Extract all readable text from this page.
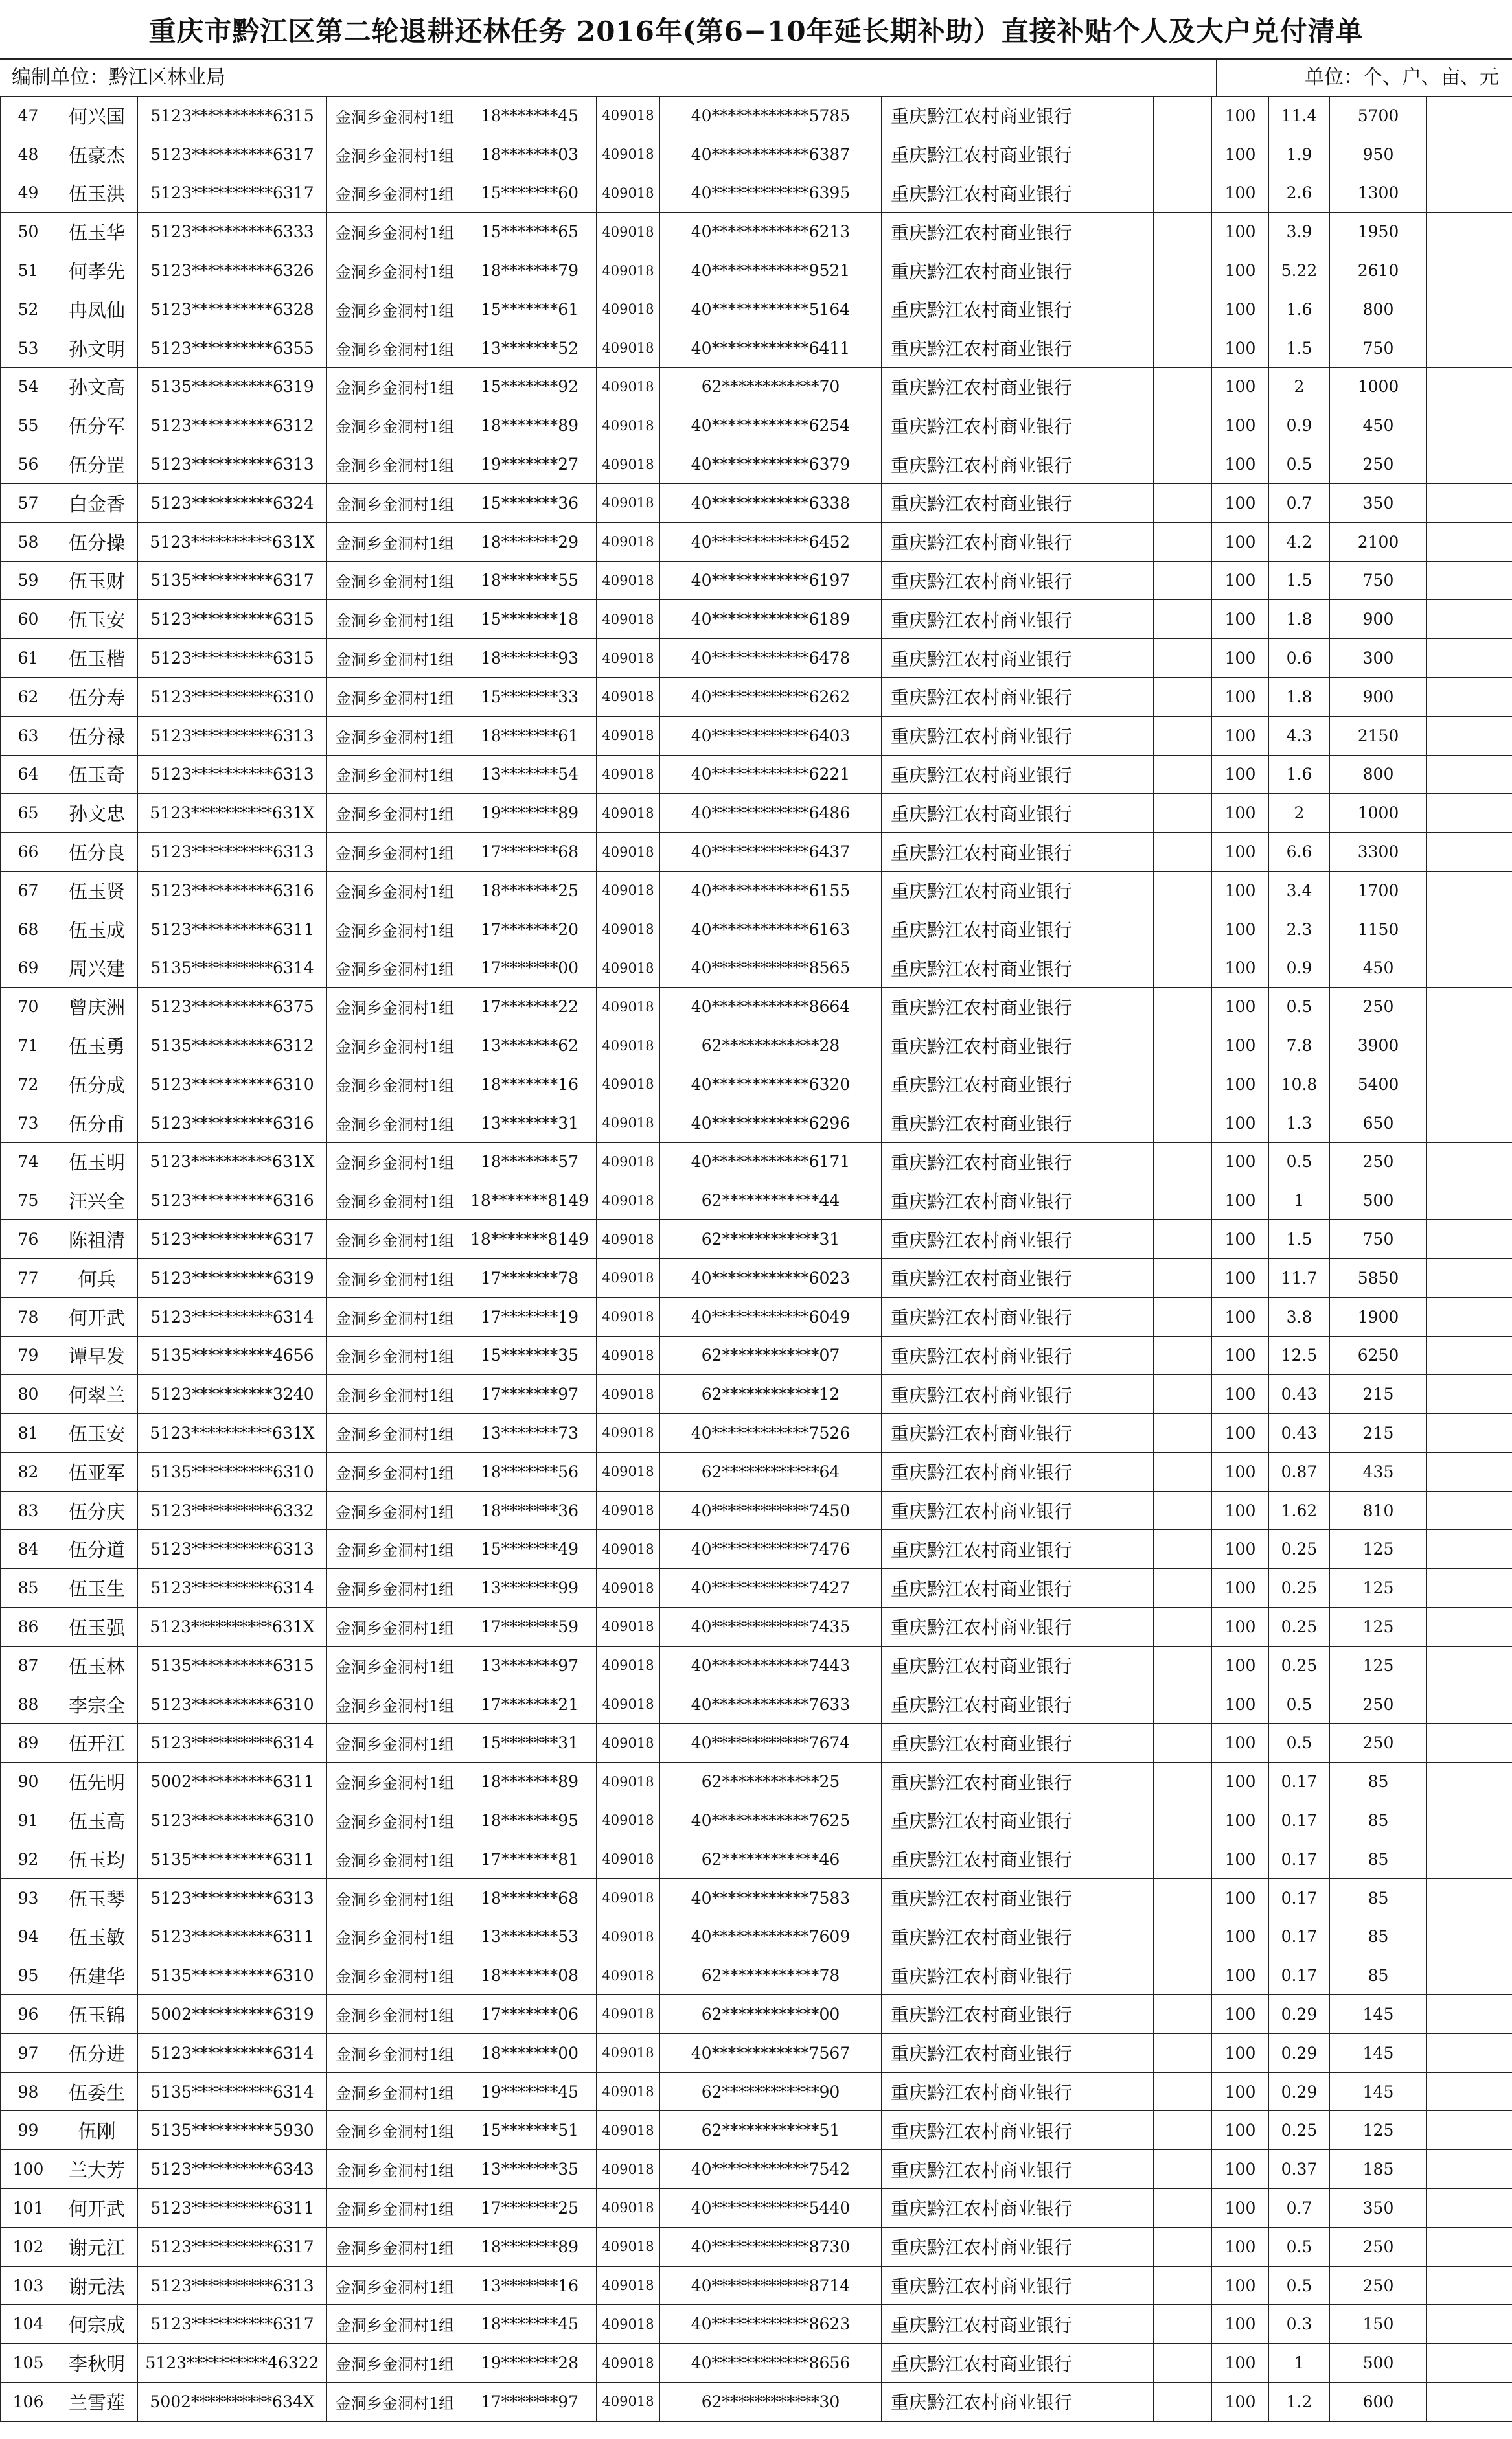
重庆市黔江区第二轮退耕还林任务 2016年(第6−10年延长期补助）直接补贴个人及大户兑付清单
编制单位：黔江区林业局	单位：个、户、亩、元
47	何兴国	5123**********6315	金洞乡金洞村1组	18*******45	409018	40************5785	重庆黔江农村商业银行		100	11.4	5700	
48	伍豪杰	5123**********6317	金洞乡金洞村1组	18*******03	409018	40************6387	重庆黔江农村商业银行		100	1.9	950	
49	伍玉洪	5123**********6317	金洞乡金洞村1组	15*******60	409018	40************6395	重庆黔江农村商业银行		100	2.6	1300	
50	伍玉华	5123**********6333	金洞乡金洞村1组	15*******65	409018	40************6213	重庆黔江农村商业银行		100	3.9	1950	
51	何孝先	5123**********6326	金洞乡金洞村1组	18*******79	409018	40************9521	重庆黔江农村商业银行		100	5.22	2610	
52	冉凤仙	5123**********6328	金洞乡金洞村1组	15*******61	409018	40************5164	重庆黔江农村商业银行		100	1.6	800	
53	孙文明	5123**********6355	金洞乡金洞村1组	13*******52	409018	40************6411	重庆黔江农村商业银行		100	1.5	750	
54	孙文高	5135**********6319	金洞乡金洞村1组	15*******92	409018	62************70	重庆黔江农村商业银行		100	2	1000	
55	伍分军	5123**********6312	金洞乡金洞村1组	18*******89	409018	40************6254	重庆黔江农村商业银行		100	0.9	450	
56	伍分罡	5123**********6313	金洞乡金洞村1组	19*******27	409018	40************6379	重庆黔江农村商业银行		100	0.5	250	
57	白金香	5123**********6324	金洞乡金洞村1组	15*******36	409018	40************6338	重庆黔江农村商业银行		100	0.7	350	
58	伍分操	5123**********631X	金洞乡金洞村1组	18*******29	409018	40************6452	重庆黔江农村商业银行		100	4.2	2100	
59	伍玉财	5135**********6317	金洞乡金洞村1组	18*******55	409018	40************6197	重庆黔江农村商业银行		100	1.5	750	
60	伍玉安	5123**********6315	金洞乡金洞村1组	15*******18	409018	40************6189	重庆黔江农村商业银行		100	1.8	900	
61	伍玉楷	5123**********6315	金洞乡金洞村1组	18*******93	409018	40************6478	重庆黔江农村商业银行		100	0.6	300	
62	伍分寿	5123**********6310	金洞乡金洞村1组	15*******33	409018	40************6262	重庆黔江农村商业银行		100	1.8	900	
63	伍分禄	5123**********6313	金洞乡金洞村1组	18*******61	409018	40************6403	重庆黔江农村商业银行		100	4.3	2150	
64	伍玉奇	5123**********6313	金洞乡金洞村1组	13*******54	409018	40************6221	重庆黔江农村商业银行		100	1.6	800	
65	孙文忠	5123**********631X	金洞乡金洞村1组	19*******89	409018	40************6486	重庆黔江农村商业银行		100	2	1000	
66	伍分良	5123**********6313	金洞乡金洞村1组	17*******68	409018	40************6437	重庆黔江农村商业银行		100	6.6	3300	
67	伍玉贤	5123**********6316	金洞乡金洞村1组	18*******25	409018	40************6155	重庆黔江农村商业银行		100	3.4	1700	
68	伍玉成	5123**********6311	金洞乡金洞村1组	17*******20	409018	40************6163	重庆黔江农村商业银行		100	2.3	1150	
69	周兴建	5135**********6314	金洞乡金洞村1组	17*******00	409018	40************8565	重庆黔江农村商业银行		100	0.9	450	
70	曾庆洲	5123**********6375	金洞乡金洞村1组	17*******22	409018	40************8664	重庆黔江农村商业银行		100	0.5	250	
71	伍玉勇	5135**********6312	金洞乡金洞村1组	13*******62	409018	62************28	重庆黔江农村商业银行		100	7.8	3900	
72	伍分成	5123**********6310	金洞乡金洞村1组	18*******16	409018	40************6320	重庆黔江农村商业银行		100	10.8	5400	
73	伍分甫	5123**********6316	金洞乡金洞村1组	13*******31	409018	40************6296	重庆黔江农村商业银行		100	1.3	650	
74	伍玉明	5123**********631X	金洞乡金洞村1组	18*******57	409018	40************6171	重庆黔江农村商业银行		100	0.5	250	
75	汪兴全	5123**********6316	金洞乡金洞村1组	18*******8149	409018	62************44	重庆黔江农村商业银行		100	1	500	
76	陈祖清	5123**********6317	金洞乡金洞村1组	18*******8149	409018	62************31	重庆黔江农村商业银行		100	1.5	750	
77	何兵	5123**********6319	金洞乡金洞村1组	17*******78	409018	40************6023	重庆黔江农村商业银行		100	11.7	5850	
78	何开武	5123**********6314	金洞乡金洞村1组	17*******19	409018	40************6049	重庆黔江农村商业银行		100	3.8	1900	
79	谭早发	5135**********4656	金洞乡金洞村1组	15*******35	409018	62************07	重庆黔江农村商业银行		100	12.5	6250	
80	何翠兰	5123**********3240	金洞乡金洞村1组	17*******97	409018	62************12	重庆黔江农村商业银行		100	0.43	215	
81	伍玉安	5123**********631X	金洞乡金洞村1组	13*******73	409018	40************7526	重庆黔江农村商业银行		100	0.43	215	
82	伍亚军	5135**********6310	金洞乡金洞村1组	18*******56	409018	62************64	重庆黔江农村商业银行		100	0.87	435	
83	伍分庆	5123**********6332	金洞乡金洞村1组	18*******36	409018	40************7450	重庆黔江农村商业银行		100	1.62	810	
84	伍分道	5123**********6313	金洞乡金洞村1组	15*******49	409018	40************7476	重庆黔江农村商业银行		100	0.25	125	
85	伍玉生	5123**********6314	金洞乡金洞村1组	13*******99	409018	40************7427	重庆黔江农村商业银行		100	0.25	125	
86	伍玉强	5123**********631X	金洞乡金洞村1组	17*******59	409018	40************7435	重庆黔江农村商业银行		100	0.25	125	
87	伍玉林	5135**********6315	金洞乡金洞村1组	13*******97	409018	40************7443	重庆黔江农村商业银行		100	0.25	125	
88	李宗全	5123**********6310	金洞乡金洞村1组	17*******21	409018	40************7633	重庆黔江农村商业银行		100	0.5	250	
89	伍开江	5123**********6314	金洞乡金洞村1组	15*******31	409018	40************7674	重庆黔江农村商业银行		100	0.5	250	
90	伍先明	5002**********6311	金洞乡金洞村1组	18*******89	409018	62************25	重庆黔江农村商业银行		100	0.17	85	
91	伍玉高	5123**********6310	金洞乡金洞村1组	18*******95	409018	40************7625	重庆黔江农村商业银行		100	0.17	85	
92	伍玉均	5135**********6311	金洞乡金洞村1组	17*******81	409018	62************46	重庆黔江农村商业银行		100	0.17	85	
93	伍玉琴	5123**********6313	金洞乡金洞村1组	18*******68	409018	40************7583	重庆黔江农村商业银行		100	0.17	85	
94	伍玉敏	5123**********6311	金洞乡金洞村1组	13*******53	409018	40************7609	重庆黔江农村商业银行		100	0.17	85	
95	伍建华	5135**********6310	金洞乡金洞村1组	18*******08	409018	62************78	重庆黔江农村商业银行		100	0.17	85	
96	伍玉锦	5002**********6319	金洞乡金洞村1组	17*******06	409018	62************00	重庆黔江农村商业银行		100	0.29	145	
97	伍分进	5123**********6314	金洞乡金洞村1组	18*******00	409018	40************7567	重庆黔江农村商业银行		100	0.29	145	
98	伍委生	5135**********6314	金洞乡金洞村1组	19*******45	409018	62************90	重庆黔江农村商业银行		100	0.29	145	
99	伍刚	5135**********5930	金洞乡金洞村1组	15*******51	409018	62************51	重庆黔江农村商业银行		100	0.25	125	
100	兰大芳	5123**********6343	金洞乡金洞村1组	13*******35	409018	40************7542	重庆黔江农村商业银行		100	0.37	185	
101	何开武	5123**********6311	金洞乡金洞村1组	17*******25	409018	40************5440	重庆黔江农村商业银行		100	0.7	350	
102	谢元江	5123**********6317	金洞乡金洞村1组	18*******89	409018	40************8730	重庆黔江农村商业银行		100	0.5	250	
103	谢元法	5123**********6313	金洞乡金洞村1组	13*******16	409018	40************8714	重庆黔江农村商业银行		100	0.5	250	
104	何宗成	5123**********6317	金洞乡金洞村1组	18*******45	409018	40************8623	重庆黔江农村商业银行		100	0.3	150	
105	李秋明	5123**********46322	金洞乡金洞村1组	19*******28	409018	40************8656	重庆黔江农村商业银行		100	1	500	
106	兰雪莲	5002**********634X	金洞乡金洞村1组	17*******97	409018	62************30	重庆黔江农村商业银行		100	1.2	600	
